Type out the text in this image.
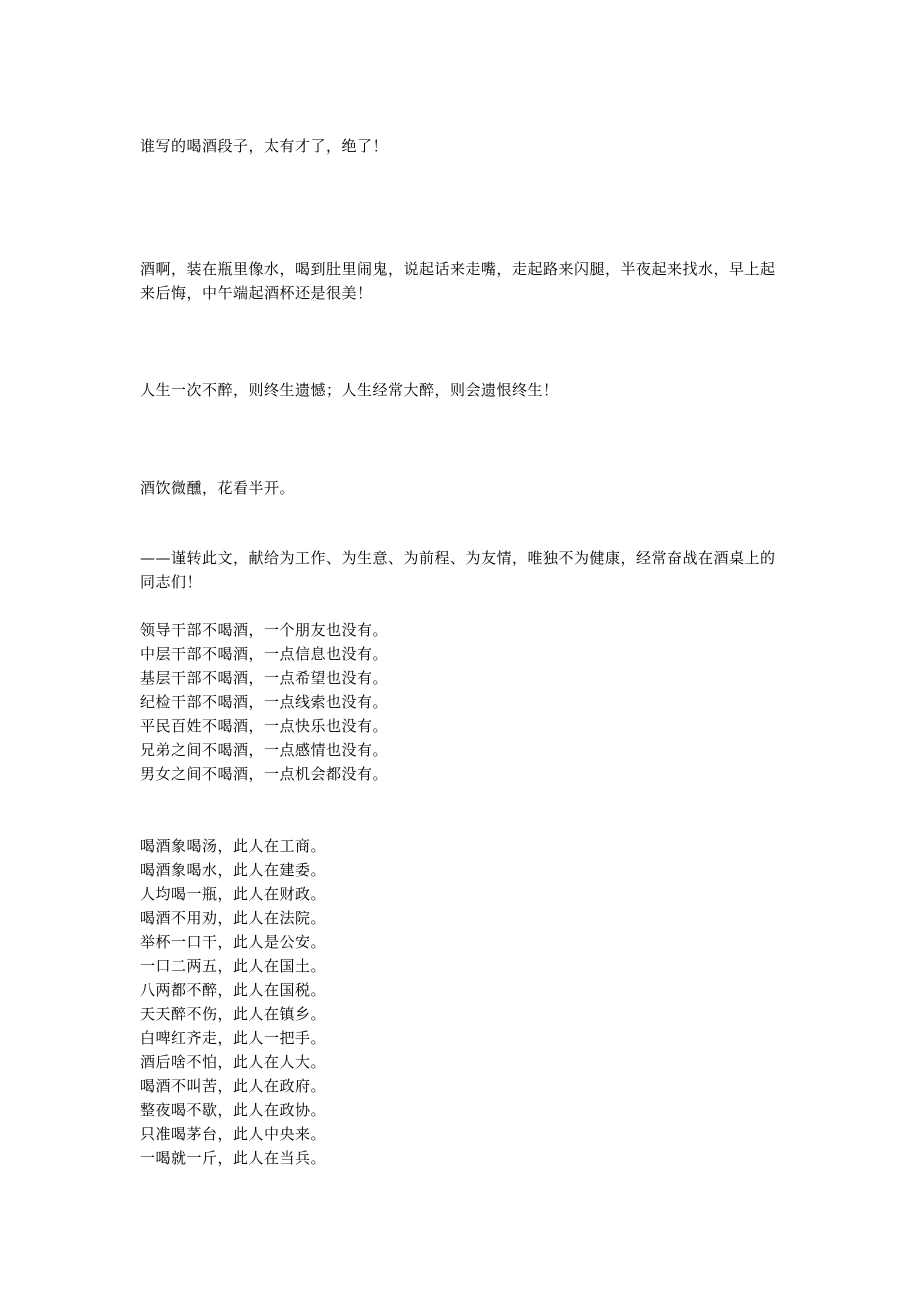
谁写的喝酒段子，太有才了，绝了！

酒啊，装在瓶里像水，喝到肚里闹鬼，说起话来走嘴，走起路来闪腿，半夜起来找水，早上起来后悔，中午端起酒杯还是很美！

人生一次不醉，则终生遗憾；人生经常大醉，则会遗恨终生！

酒饮微醺，花看半开。

——谨转此文，献给为工作、为生意、为前程、为友情，唯独不为健康，经常奋战在酒桌上的同志们！

领导干部不喝酒，一个朋友也没有。
中层干部不喝酒，一点信息也没有。
基层干部不喝酒，一点希望也没有。
纪检干部不喝酒，一点线索也没有。
平民百姓不喝酒，一点快乐也没有。
兄弟之间不喝酒，一点感情也没有。
男女之间不喝酒，一点机会都没有。
喝酒象喝汤，此人在工商。
喝酒象喝水，此人在建委。
人均喝一瓶，此人在财政。
喝酒不用劝，此人在法院。
举杯一口干，此人是公安。
一口二两五，此人在国土。
八两都不醉，此人在国税。
天天醉不伤，此人在镇乡。
白啤红齐走，此人一把手。
酒后啥不怕，此人在人大。
喝酒不叫苦，此人在政府。
整夜喝不歇，此人在政协。
只准喝茅台，此人中央来。
一喝就一斤，此人在当兵。
